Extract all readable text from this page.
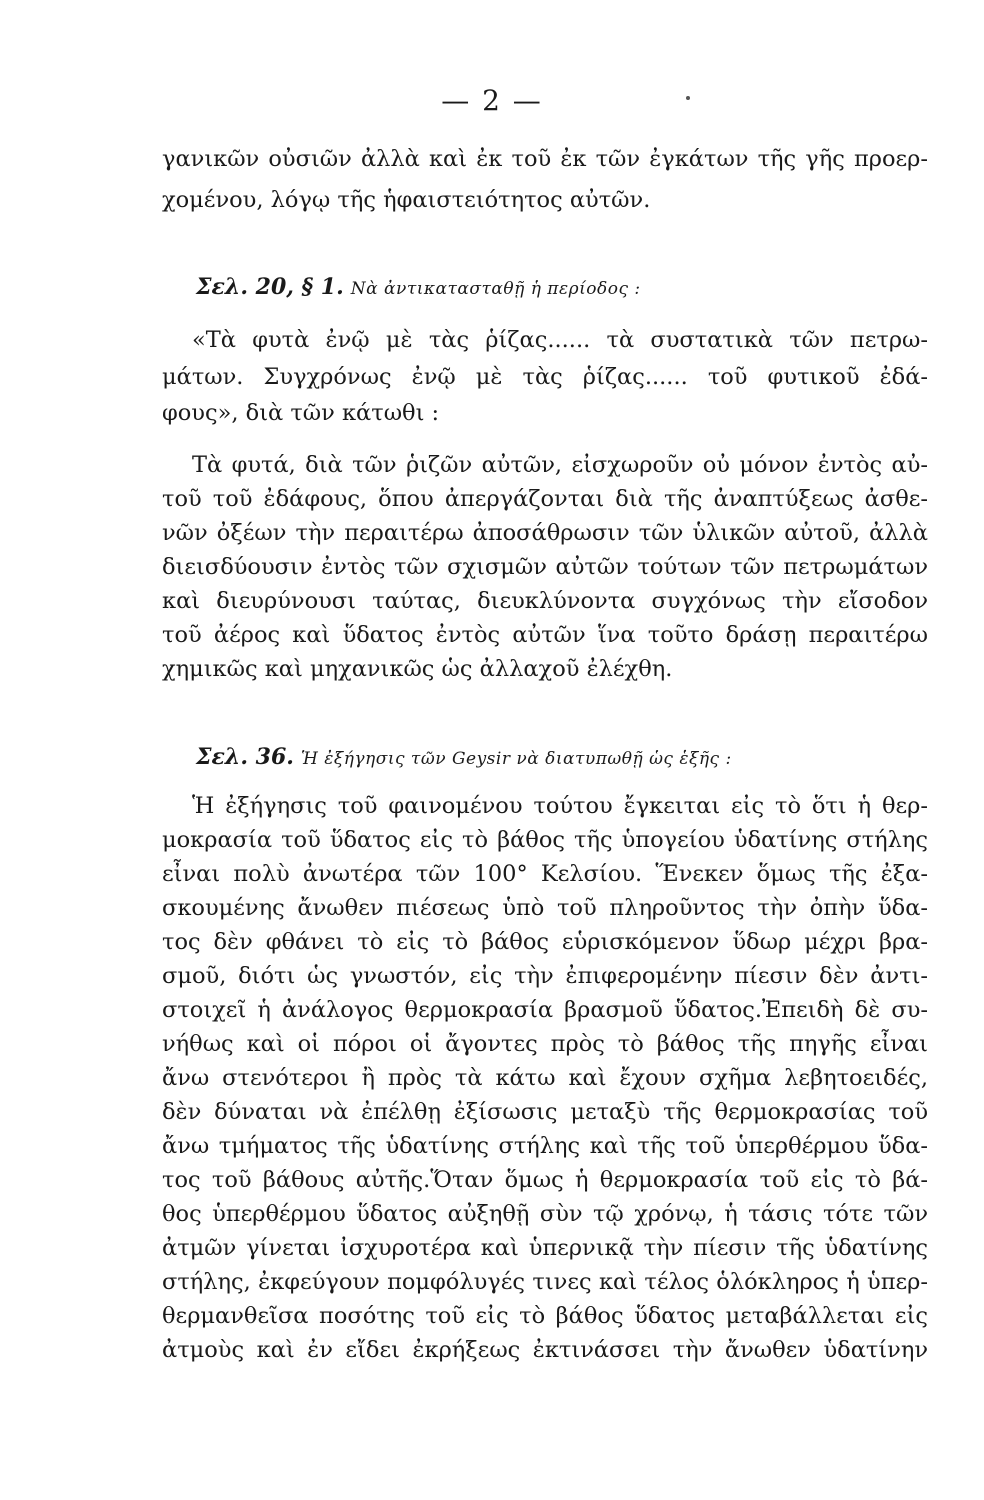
— 2 —
γανικῶν οὐσιῶν ἀλλὰ καὶ ἐκ τοῦ ἐκ τῶν ἐγκάτων τῆς γῆς προερ-
χομένου, λόγῳ τῆς ἡφαιστειότητος αὐτῶν.
Σελ. 20, § 1. Νὰ ἀντικατασταθῇ ἡ περίοδος :
«Τὰ φυτὰ ἐνῷ μὲ τὰς ῥίζας...... τὰ συστατικὰ τῶν πετρω-
μάτων. Συγχρόνως ἐνῷ μὲ τὰς ῥίζας...... τοῦ φυτικοῦ ἐδά-
φους», διὰ τῶν κάτωθι :
Τὰ φυτά, διὰ τῶν ῥιζῶν αὐτῶν, εἰσχωροῦν οὐ μόνον ἐντὸς αὐ-
τοῦ τοῦ ἐδάφους, ὅπου ἀπεργάζονται διὰ τῆς ἀναπτύξεως ἀσθε-
νῶν ὀξέων τὴν περαιτέρω ἀποσάθρωσιν τῶν ὑλικῶν αὐτοῦ, ἀλλὰ
διεισδύουσιν ἐντὸς τῶν σχισμῶν αὐτῶν τούτων τῶν πετρωμάτων
καὶ διευρύνουσι ταύτας, διευκλύνοντα συγχόνως τὴν εἴσοδον
τοῦ ἀέρος καὶ ὕδατος ἐντὸς αὐτῶν ἵνα τοῦτο δράσῃ περαιτέρω
χημικῶς καὶ μηχανικῶς ὡς ἀλλαχοῦ ἐλέχθη.
Σελ. 36. Ἡ ἐξήγησις τῶν Geysir νὰ διατυπωθῇ ὡς ἑξῆς :
Ἡ ἐξήγησις τοῦ φαινομένου τούτου ἔγκειται εἰς τὸ ὅτι ἡ θερ-
μοκρασία τοῦ ὕδατος εἰς τὸ βάθος τῆς ὑπογείου ὑδατίνης στήλης
εἶναι πολὺ ἀνωτέρα τῶν 100° Κελσίου. Ἕνεκεν ὅμως τῆς ἐξα-
σκουμένης ἄνωθεν πιέσεως ὑπὸ τοῦ πληροῦντος τὴν ὀπὴν ὕδα-
τος δὲν φθάνει τὸ εἰς τὸ βάθος εὑρισκόμενον ὕδωρ μέχρι βρα-
σμοῦ, διότι ὡς γνωστόν, εἰς τὴν ἐπιφερομένην πίεσιν δὲν ἀντι-
στοιχεῖ ἡ ἀνάλογος θερμοκρασία βρασμοῦ ὕδατος.Ἐπειδὴ δὲ συ-
νήθως καὶ οἱ πόροι οἱ ἄγοντες πρὸς τὸ βάθος τῆς πηγῆς εἶναι
ἄνω στενότεροι ἢ πρὸς τὰ κάτω καὶ ἔχουν σχῆμα λεβητοειδές,
δὲν δύναται νὰ ἐπέλθῃ ἐξίσωσις μεταξὺ τῆς θερμοκρασίας τοῦ
ἄνω τμήματος τῆς ὑδατίνης στήλης καὶ τῆς τοῦ ὑπερθέρμου ὕδα-
τος τοῦ βάθους αὐτῆς.Ὅταν ὅμως ἡ θερμοκρασία τοῦ εἰς τὸ βά-
θος ὑπερθέρμου ὕδατος αὐξηθῇ σὺν τῷ χρόνῳ, ἡ τάσις τότε τῶν
ἀτμῶν γίνεται ἰσχυροτέρα καὶ ὑπερνικᾷ τὴν πίεσιν τῆς ὑδατίνης
στήλης, ἐκφεύγουν πομφόλυγές τινες καὶ τέλος ὁλόκληρος ἡ ὑπερ-
θερμανθεῖσα ποσότης τοῦ εἰς τὸ βάθος ὕδατος μεταβάλλεται εἰς
ἀτμοὺς καὶ ἐν εἴδει ἐκρήξεως ἐκτινάσσει τὴν ἄνωθεν ὑδατίνην
